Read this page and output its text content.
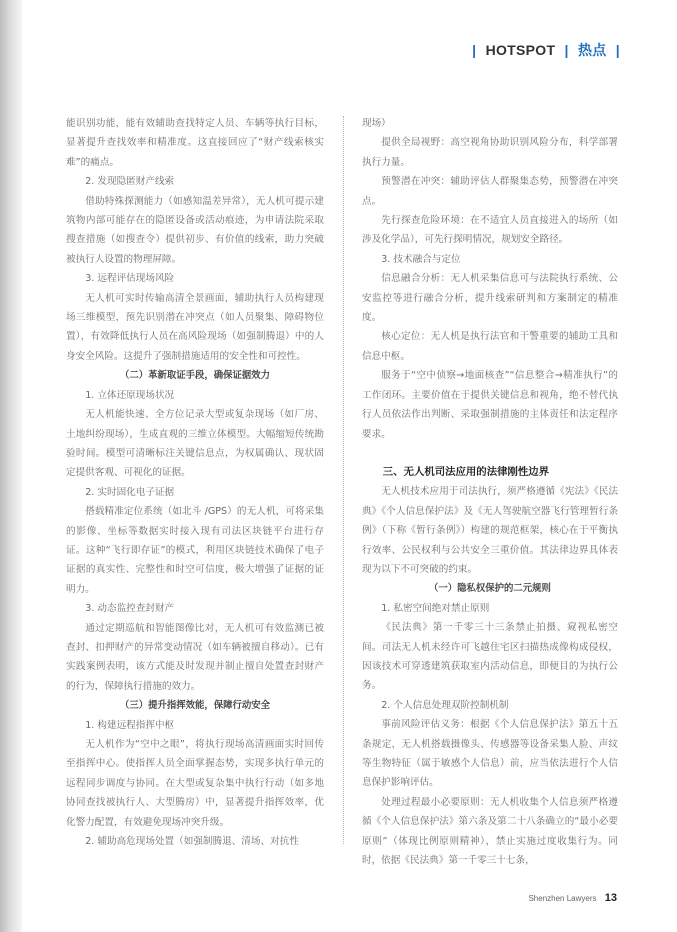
| HOTSPOT | 热点 |

能识别功能，能有效辅助查找特定人员、车辆等执行目标，显著提升查找效率和精准度。这直接回应了“财产线索核实难”的痛点。

2. 发现隐匿财产线索

借助特殊探测能力（如感知温差异常），无人机可提示建筑物内部可能存在的隐匿设备或活动痕迹，为申请法院采取搜查措施（如搜查令）提供初步、有价值的线索，助力突破被执行人设置的物理屏障。

3. 远程评估现场风险

无人机可实时传输高清全景画面，辅助执行人员构建现场三维模型，预先识别潜在冲突点（如人员聚集、障碍物位置），有效降低执行人员在高风险现场（如强制腾退）中的人身安全风险。这提升了强制措施适用的安全性和可控性。

（二）革新取证手段，确保证据效力

1. 立体还原现场状况

无人机能快速、全方位记录大型或复杂现场（如厂房、土地纠纷现场），生成直观的三维立体模型。大幅缩短传统勘验时间。模型可清晰标注关键信息点，为权属确认、现状固定提供客观、可视化的证据。

2. 实时固化电子证据

搭载精准定位系统（如北斗 /GPS）的无人机，可将采集的影像、坐标等数据实时接入现有司法区块链平台进行存证。这种“飞行即存证”的模式，利用区块链技术确保了电子证据的真实性、完整性和时空可信度，极大增强了证据的证明力。

3. 动态监控查封财产

通过定期巡航和智能图像比对，无人机可有效监测已被查封、扣押财产的异常变动情况（如车辆被擅自移动）。已有实践案例表明，该方式能及时发现并制止擅自处置查封财产的行为，保障执行措施的效力。

（三）提升指挥效能，保障行动安全

1. 构建远程指挥中枢

无人机作为“空中之眼”，将执行现场高清画面实时回传至指挥中心。使指挥人员全面掌握态势，实现多执行单元的远程同步调度与协同。在大型或复杂集中执行行动（如多地协同查找被执行人、大型腾房）中，显著提升指挥效率，优化警力配置，有效避免现场冲突升级。

2. 辅助高危现场处置（如强制腾退、清场、对抗性

现场）

提供全局视野：高空视角协助识别风险分布，科学部署执行力量。

预警潜在冲突：辅助评估人群聚集态势，预警潜在冲突点。

先行探查危险环境：在不适宜人员直接进入的场所（如涉及化学品），可先行探明情况，规划安全路径。

3. 技术融合与定位

信息融合分析：无人机采集信息可与法院执行系统、公安监控等进行融合分析，提升线索研判和方案制定的精准度。

核心定位：无人机是执行法官和干警重要的辅助工具和信息中枢。

服务于“空中侦察→地面核查”“信息整合→精准执行”的工作闭环。主要价值在于提供关键信息和视角，绝不替代执行人员依法作出判断、采取强制措施的主体责任和法定程序要求。

三、无人机司法应用的法律刚性边界

无人机技术应用于司法执行，须严格遵循《宪法》《民法典》《个人信息保护法》及《无人驾驶航空器飞行管理暂行条例》（下称《暂行条例》）构建的规范框架，核心在于平衡执行效率、公民权利与公共安全三重价值。其法律边界具体表现为以下不可突破的约束。

（一）隐私权保护的二元规则

1. 私密空间绝对禁止原则

《民法典》第一千零三十三条禁止拍摄、窥视私密空间。司法无人机未经许可飞越住宅区扫描热成像构成侵权，因该技术可穿透建筑获取室内活动信息，即便目的为执行公务。

2. 个人信息处理双阶控制机制

事前风险评估义务：根据《个人信息保护法》第五十五条规定，无人机搭载摄像头、传感器等设备采集人脸、声纹等生物特征（属于敏感个人信息）前，应当依法进行个人信息保护影响评估。

处理过程最小必要原则：无人机收集个人信息须严格遵循《个人信息保护法》第六条及第二十八条确立的“最小必要原则”（体现比例原则精神），禁止实施过度收集行为。同时，依据《民法典》第一千零三十七条，

Shenzhen Lawyers 13
